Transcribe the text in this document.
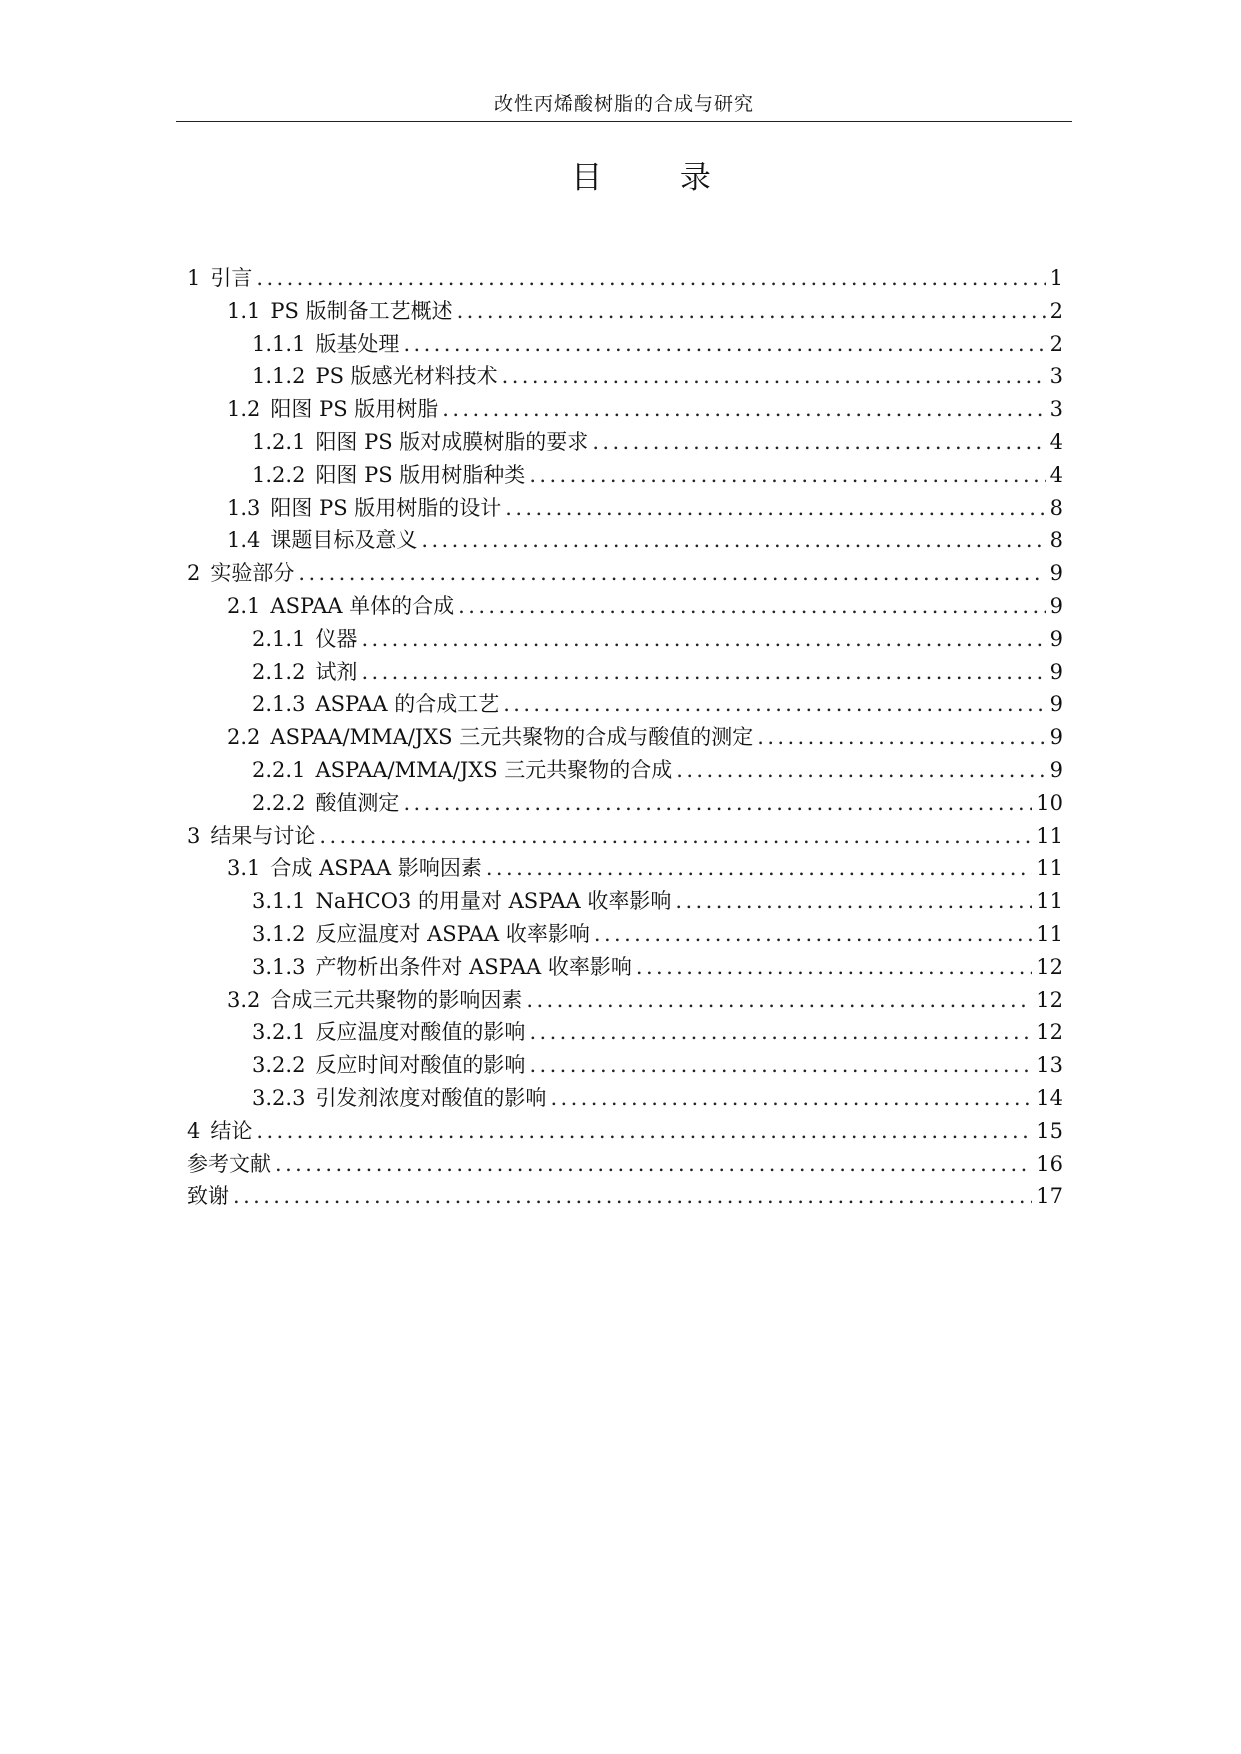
改性丙烯酸树脂的合成与研究
目 录
1 引言 .....	1
1.1 PS 版制备工艺概述 .....	2
1.1.1 版基处理 .....	2
1.1.2 PS 版感光材料技术 .....	3
1.2 阳图 PS 版用树脂 .....	3
1.2.1 阳图 PS 版对成膜树脂的要求 .....	4
1.2.2 阳图 PS 版用树脂种类 .....	4
1.3 阳图 PS 版用树脂的设计 .....	8
1.4 课题目标及意义 .....	8
2 实验部分 .....	9
2.1 ASPAA 单体的合成 .....	9
2.1.1 仪器 .....	9
2.1.2 试剂 .....	9
2.1.3 ASPAA 的合成工艺 .....	9
2.2 ASPAA/MMA/JXS 三元共聚物的合成与酸值的测定 .....	9
2.2.1 ASPAA/MMA/JXS 三元共聚物的合成 .....	9
2.2.2 酸值测定 .....	10
3 结果与讨论 .....	11
3.1 合成 ASPAA 影响因素 .....	11
3.1.1 NaHCO3 的用量对 ASPAA 收率影响 .....	11
3.1.2 反应温度对 ASPAA 收率影响 .....	11
3.1.3 产物析出条件对 ASPAA 收率影响 .....	12
3.2 合成三元共聚物的影响因素 .....	12
3.2.1 反应温度对酸值的影响 .....	12
3.2.2 反应时间对酸值的影响 .....	13
3.2.3 引发剂浓度对酸值的影响 .....	14
4 结论 .....	15
参考文献 .....	16
致谢 .....	17
